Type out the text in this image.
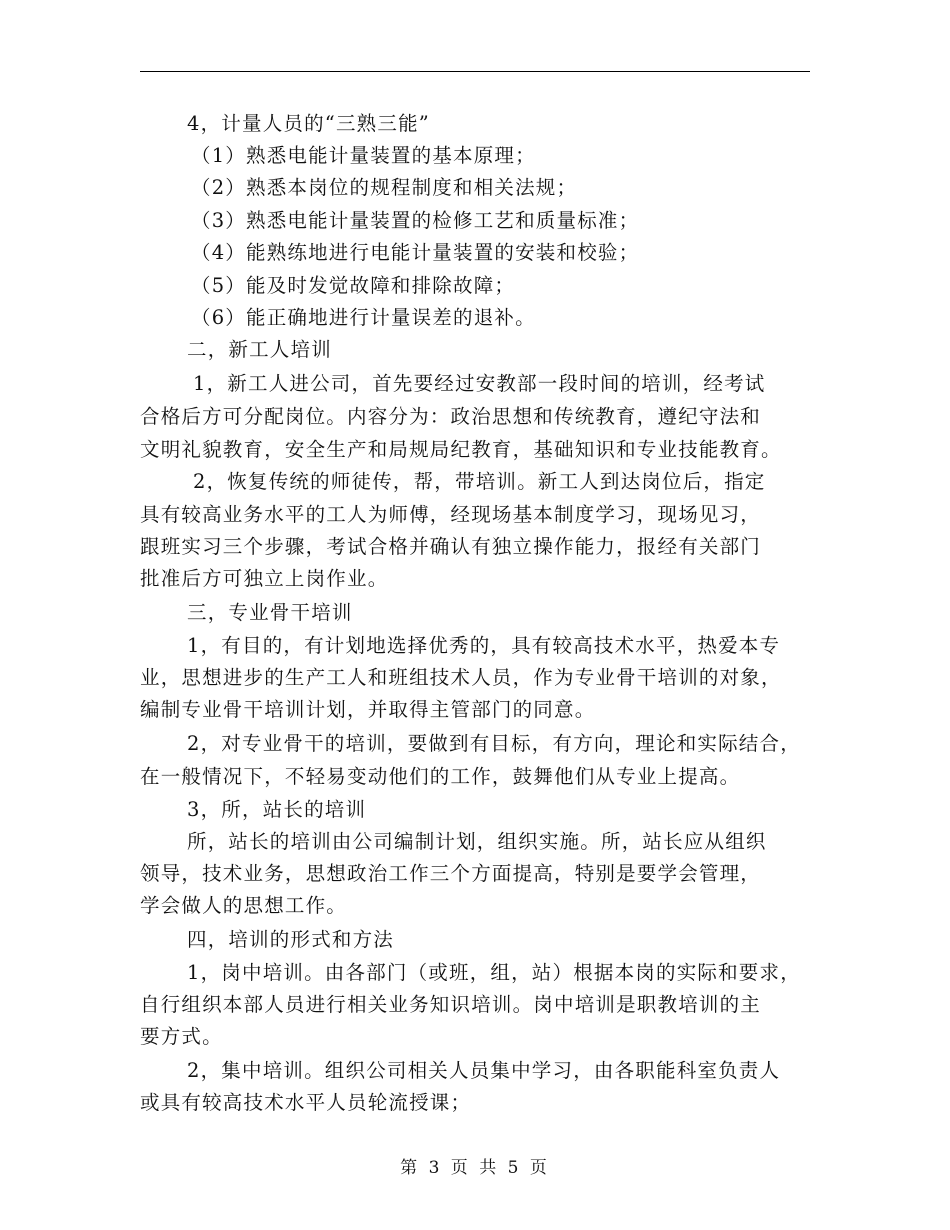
4，计量人员的“三熟三能”
（1）熟悉电能计量装置的基本原理；
（2）熟悉本岗位的规程制度和相关法规；
（3）熟悉电能计量装置的检修工艺和质量标准；
（4）能熟练地进行电能计量装置的安装和校验；
（5）能及时发觉故障和排除故障；
（6）能正确地进行计量误差的退补。
二，新工人培训
1，新工人进公司，首先要经过安教部一段时间的培训，经考试
合格后方可分配岗位。内容分为：政治思想和传统教育，遵纪守法和
文明礼貌教育，安全生产和局规局纪教育，基础知识和专业技能教育。
2，恢复传统的师徒传，帮，带培训。新工人到达岗位后，指定
具有较高业务水平的工人为师傅，经现场基本制度学习，现场见习，
跟班实习三个步骤，考试合格并确认有独立操作能力，报经有关部门
批准后方可独立上岗作业。
三，专业骨干培训
1，有目的，有计划地选择优秀的，具有较高技术水平，热爱本专
业，思想进步的生产工人和班组技术人员，作为专业骨干培训的对象，
编制专业骨干培训计划，并取得主管部门的同意。
2，对专业骨干的培训，要做到有目标，有方向，理论和实际结合，
在一般情况下，不轻易变动他们的工作，鼓舞他们从专业上提高。
3，所，站长的培训
所，站长的培训由公司编制计划，组织实施。所，站长应从组织
领导，技术业务，思想政治工作三个方面提高，特别是要学会管理，
学会做人的思想工作。
四，培训的形式和方法
1，岗中培训。由各部门（或班，组，站）根据本岗的实际和要求，
自行组织本部人员进行相关业务知识培训。岗中培训是职教培训的主
要方式。
2，集中培训。组织公司相关人员集中学习，由各职能科室负责人
或具有较高技术水平人员轮流授课；
第 3 页 共 5 页
